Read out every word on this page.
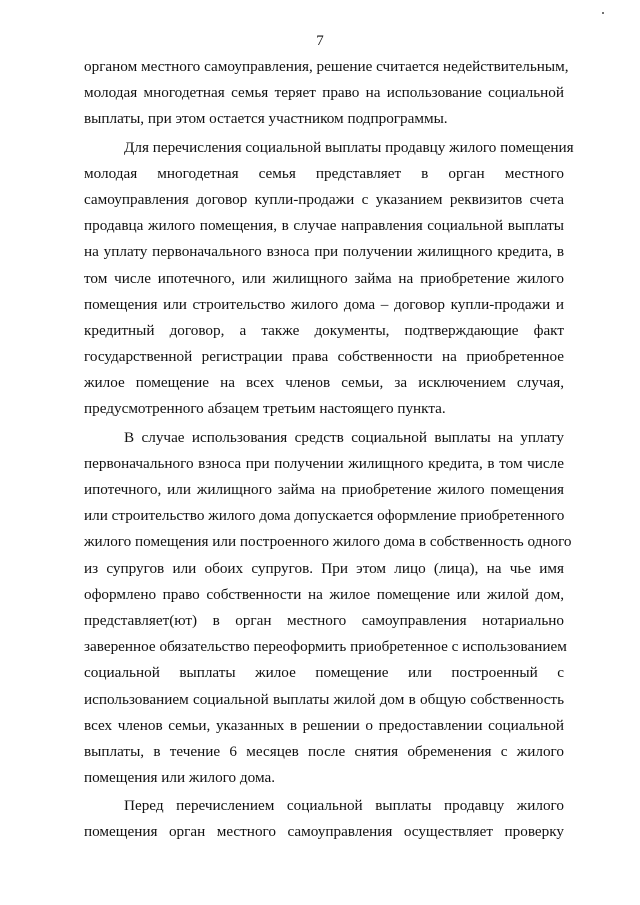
7
органом местного самоуправления, решение считается недействительным,
молодая многодетная семья теряет право на использование социальной
выплаты, при этом остается участником подпрограммы.
Для перечисления социальной выплаты продавцу жилого помещения
молодая многодетная семья представляет в орган местного
самоуправления договор купли-продажи с указанием реквизитов счета
продавца жилого помещения, в случае направления социальной выплаты
на уплату первоначального взноса при получении жилищного кредита, в
том числе ипотечного, или жилищного займа на приобретение жилого
помещения или строительство жилого дома – договор купли-продажи и
кредитный договор, а также документы, подтверждающие факт
государственной регистрации права собственности на приобретенное
жилое помещение на всех членов семьи, за исключением случая,
предусмотренного абзацем третьим настоящего пункта.
В случае использования средств социальной выплаты на уплату
первоначального взноса при получении жилищного кредита, в том числе
ипотечного, или жилищного займа на приобретение жилого помещения
или строительство жилого дома допускается оформление приобретенного
жилого помещения или построенного жилого дома в собственность одного
из супругов или обоих супругов. При этом лицо (лица), на чье имя
оформлено право собственности на жилое помещение или жилой дом,
представляет(ют) в орган местного самоуправления нотариально
заверенное обязательство переоформить приобретенное с использованием
социальной выплаты жилое помещение или построенный с
использованием социальной выплаты жилой дом в общую собственность
всех членов семьи, указанных в решении о предоставлении социальной
выплаты, в течение 6 месяцев после снятия обременения с жилого
помещения или жилого дома.
Перед перечислением социальной выплаты продавцу жилого
помещения орган местного самоуправления осуществляет проверку
